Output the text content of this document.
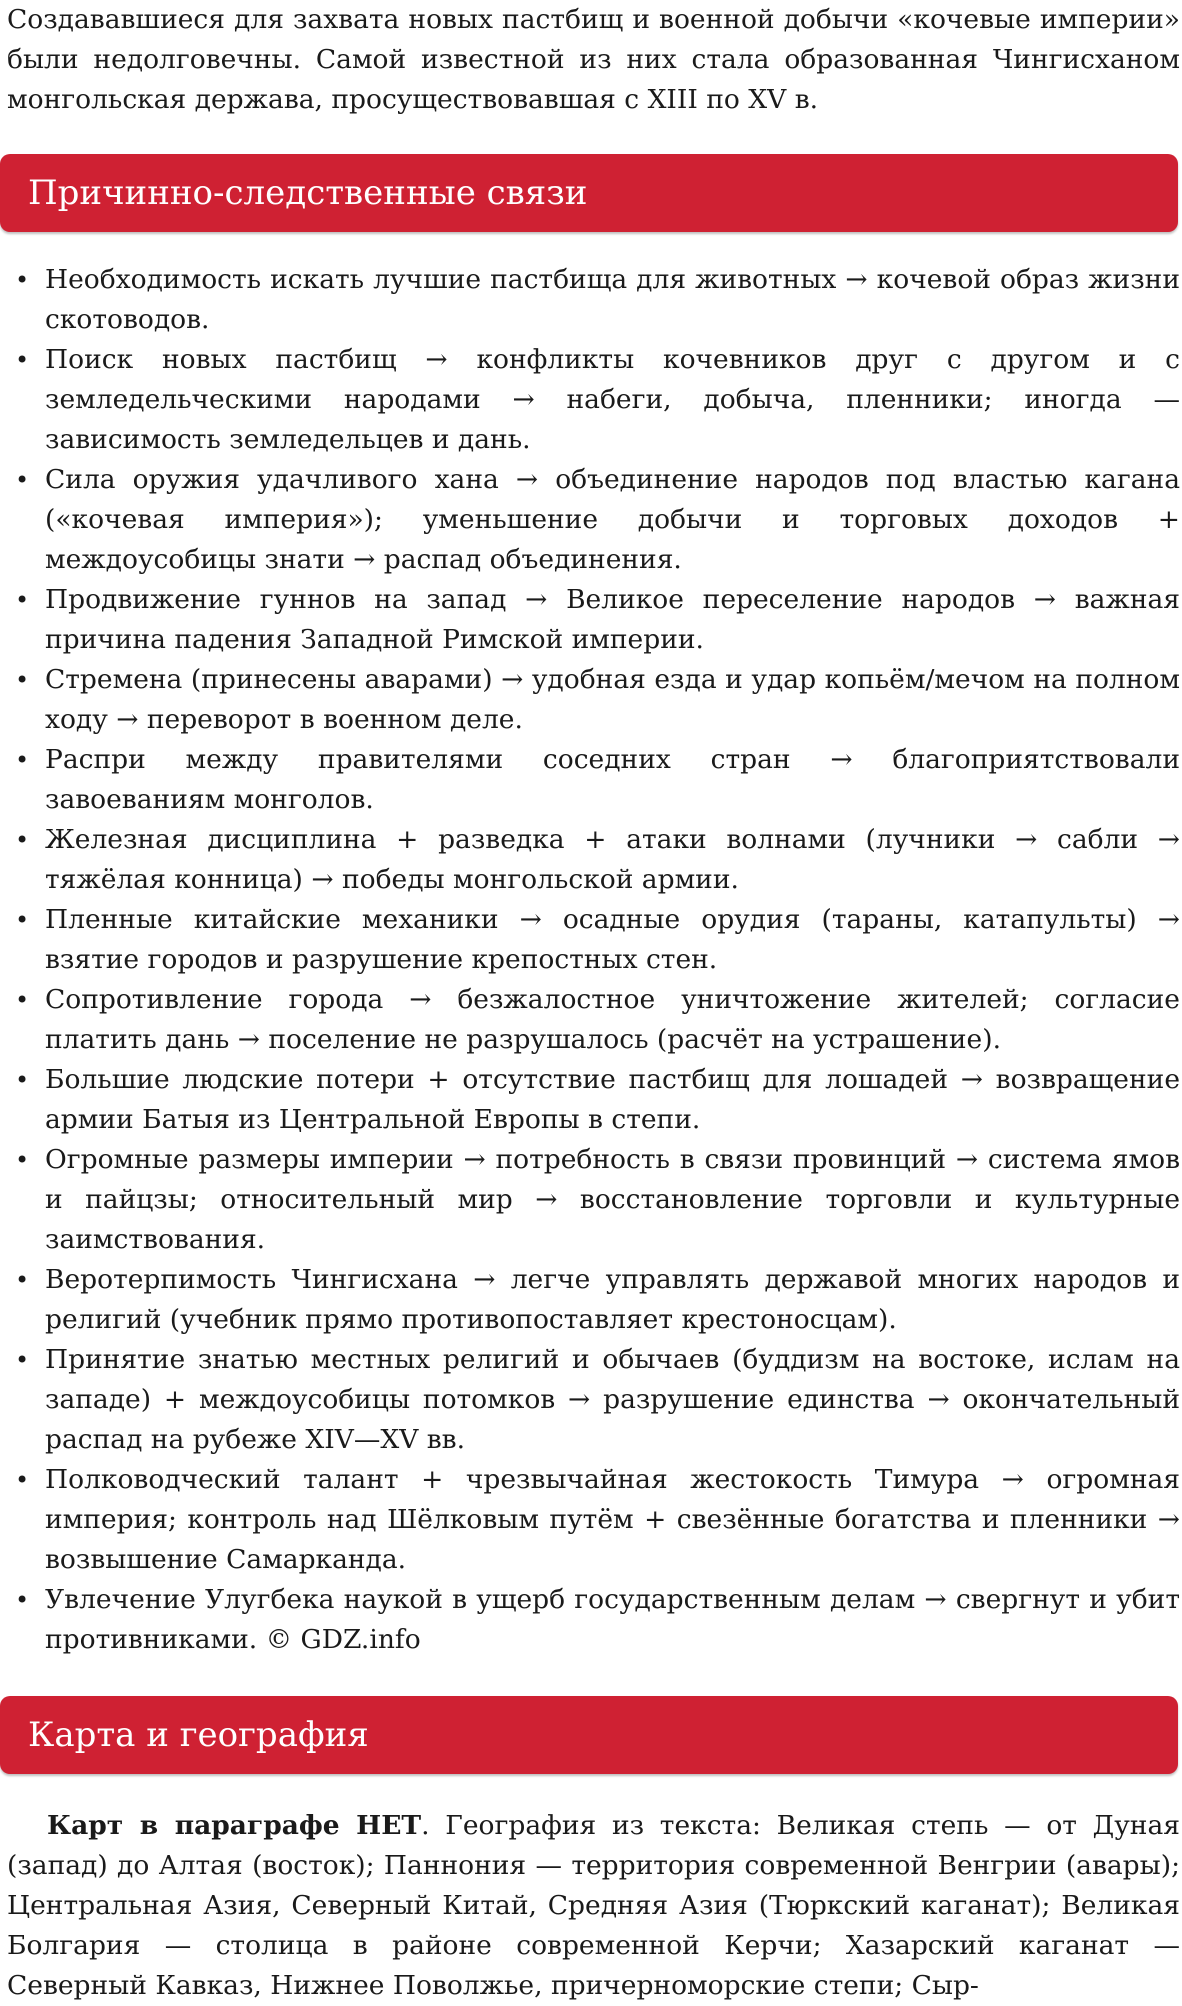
Создававшиеся для захвата новых пастбищ и военной добычи «кочевые империи» были недолговечны. Самой известной из них стала образованная Чингисханом монгольская держава, просуществовавшая с XIII по XV в.

Причинно-следственные связи
• Необходимость искать лучшие пастбища для животных → кочевой образ жизни скотоводов.
• Поиск новых пастбищ → конфликты кочевников друг с другом и с земледельческими народами → набеги, добыча, пленники; иногда — зависимость земледельцев и дань.
• Сила оружия удачливого хана → объединение народов под властью кагана («кочевая империя»); уменьшение добычи и торговых доходов + междоусобицы знати → распад объединения.
• Продвижение гуннов на запад → Великое переселение народов → важная причина падения Западной Римской империи.
• Стремена (принесены аварами) → удобная езда и удар копьём/мечом на полном ходу → переворот в военном деле.
• Распри между правителями соседних стран → благоприятствовали завоеваниям монголов.
• Железная дисциплина + разведка + атаки волнами (лучники → сабли → тяжёлая конница) → победы монгольской армии.
• Пленные китайские механики → осадные орудия (тараны, катапульты) → взятие городов и разрушение крепостных стен.
• Сопротивление города → безжалостное уничтожение жителей; согласие платить дань → поселение не разрушалось (расчёт на устрашение).
• Большие людские потери + отсутствие пастбищ для лошадей → возвращение армии Батыя из Центральной Европы в степи.
• Огромные размеры империи → потребность в связи провинций → система ямов и пайцзы; относительный мир → восстановление торговли и культурные заимствования.
• Веротерпимость Чингисхана → легче управлять державой многих народов и религий (учебник прямо противопоставляет крестоносцам).
• Принятие знатью местных религий и обычаев (буддизм на востоке, ислам на западе) + междоусобицы потомков → разрушение единства → окончательный распад на рубеже XIV—XV вв.
• Полководческий талант + чрезвычайная жестокость Тимура → огромная империя; контроль над Шёлковым путём + свезённые богатства и пленники → возвышение Самарканда.
• Увлечение Улугбека наукой в ущерб государственным делам → свергнут и убит противниками. © GDZ.info
Карта и география

Карт в параграфе НЕТ. География из текста: Великая степь — от Дуная (запад) до Алтая (восток); Паннония — территория современной Венгрии (авары); Центральная Азия, Северный Китай, Средняя Азия (Тюркский каганат); Великая Болгария — столица в районе современной Керчи; Хазарский каганат — Северный Кавказ, Нижнее Поволжье, причерноморские степи; Сыр-
